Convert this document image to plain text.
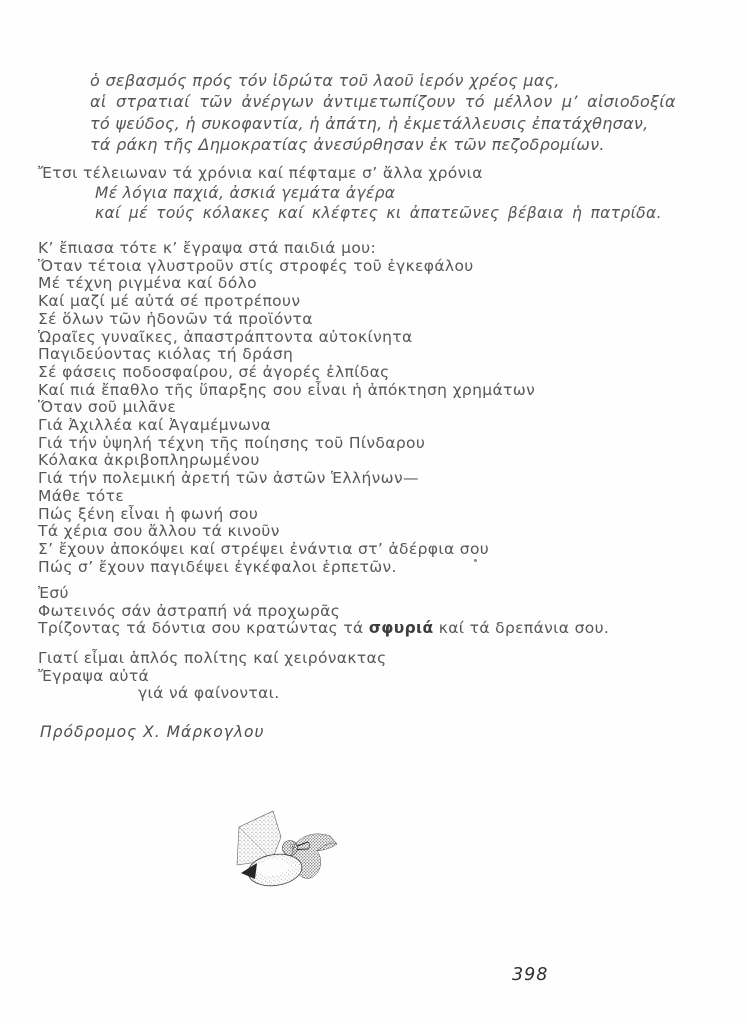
ὁ σεβασμός πρός τόν ἱδρώτα τοῦ λαοῦ ἱερόν χρέος μας,
αἱ στρατιαί τῶν ἀνέργων ἀντιμετωπίζουν τό μέλλον μ’ αἰσιοδοξία
τό ψεύδος, ἡ συκοφαντία, ἡ ἀπάτη, ἡ ἐκμετάλλευσις ἐπατάχθησαν,
τά ράκη τῆς Δημοκρατίας ἀνεσύρθησαν ἐκ τῶν πεζοδρομίων.
Ἔτσι τέλειωναν τά χρόνια καί πέφταμε σ’ ἄλλα χρόνια
Μέ λόγια παχιά, ἀσκιά γεμάτα ἀγέρα
καί μέ τούς κόλακες καί κλέφτες κι ἀπατεῶνες βέβαια ἡ πατρίδα.
Κ’ ἔπιασα τότε κ’ ἔγραψα στά παιδιά μου:
Ὅταν τέτοια γλυστροῦν στίς στροφές τοῦ ἐγκεφάλου
Μέ τέχνη ριγμένα καί δόλο
Καί μαζί μέ αὐτά σέ προτρέπουν
Σέ ὅλων τῶν ἡδονῶν τά προϊόντα
Ὡραῖες γυναῖκες, ἀπαστράπτοντα αὐτοκίνητα
Παγιδεύοντας κιόλας τή δράση
Σέ φάσεις ποδοσφαίρου, σέ ἀγορές ἐλπίδας
Καί πιά ἔπαθλο τῆς ὕπαρξης σου εἶναι ἡ ἀπόκτηση χρημάτων
Ὅταν σοῦ μιλᾶνε
Γιά Ἀχιλλέα καί Ἀγαμέμνωνα
Γιά τήν ὑψηλή τέχνη τῆς ποίησης τοῦ Πίνδαρου
Κόλακα ἀκριβοπληρωμένου
Γιά τήν πολεμική ἀρετή τῶν ἀστῶν Ἑλλήνων—
Μάθε τότε
Πώς ξένη εἶναι ἡ φωνή σου
Τά χέρια σου ἄλλου τά κινοῦν
Σ’ ἔχουν ἀποκόψει καί στρέψει ἐνάντια στ’ ἀδέρφια σου
Πώς σ’ ἔχουν παγιδέψει ἐγκέφαλοι ἑρπετῶν.
Ἐσύ
Φωτεινός σάν ἀστραπή νά προχωρᾶς
Τρίζοντας τά δόντια σου κρατώντας τά σφυριά καί τά δρεπάνια σου.
Γιατί εἶμαι ἁπλός πολίτης καί χειρόνακτας
Ἔγραψα αὐτά
γιά νά φαίνονται.
Πρόδρομος Χ. Μάρκογλου
398
